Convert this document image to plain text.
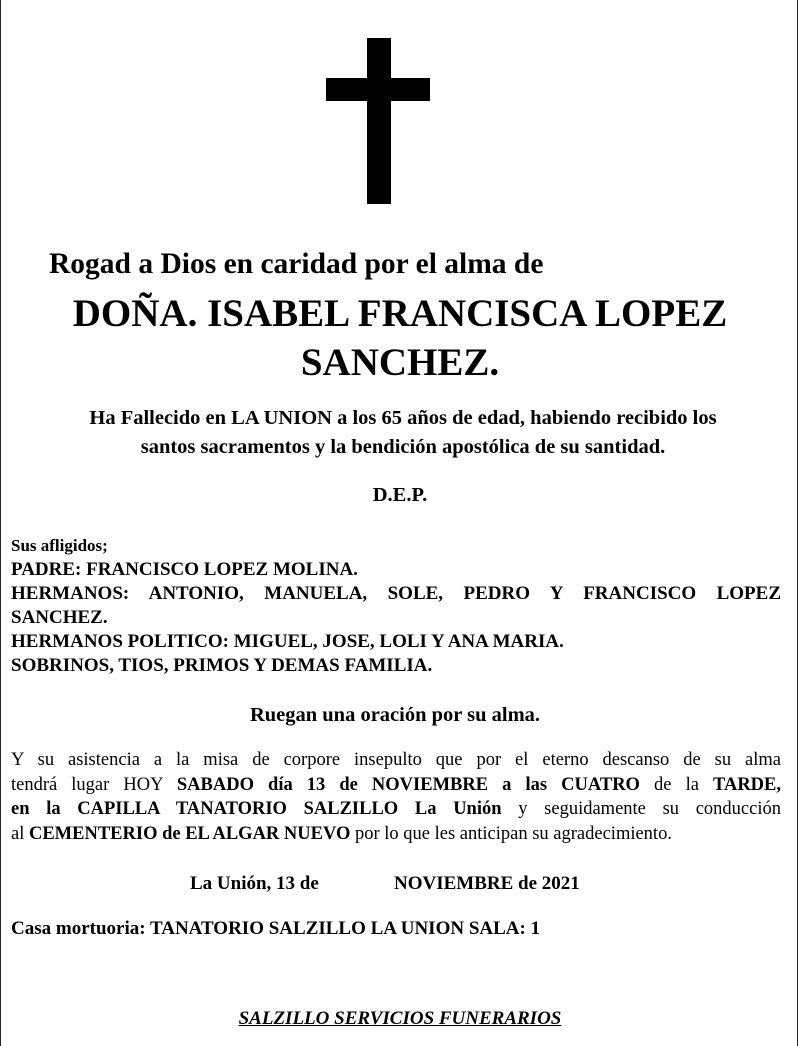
Rogad a Dios en caridad por el alma de
DOÑA. ISABEL FRANCISCA LOPEZ
SANCHEZ.
Ha Fallecido en LA UNION a los 65 años de edad, habiendo recibido los
santos sacramentos y la bendición apostólica de su santidad.
D.E.P.
Sus afligidos;
PADRE: FRANCISCO LOPEZ MOLINA.
HERMANOS: ANTONIO, MANUELA, SOLE, PEDRO Y FRANCISCO LOPEZ
SANCHEZ.
HERMANOS POLITICO: MIGUEL, JOSE, LOLI Y ANA MARIA.
SOBRINOS, TIOS, PRIMOS Y DEMAS FAMILIA.
Ruegan una oración por su alma.
Y su asistencia a la misa de corpore insepulto que por el eterno descanso de su alma
tendrá lugar HOY SABADO día 13 de NOVIEMBRE a las CUATRO de la TARDE,
en la CAPILLA TANATORIO SALZILLO La Unión y seguidamente su conducción
al CEMENTERIO de EL ALGAR NUEVO por lo que les anticipan su agradecimiento.
La Unión, 13 de	NOVIEMBRE de 2021
Casa mortuoria: TANATORIO SALZILLO LA UNION SALA: 1
SALZILLO SERVICIOS FUNERARIOS
